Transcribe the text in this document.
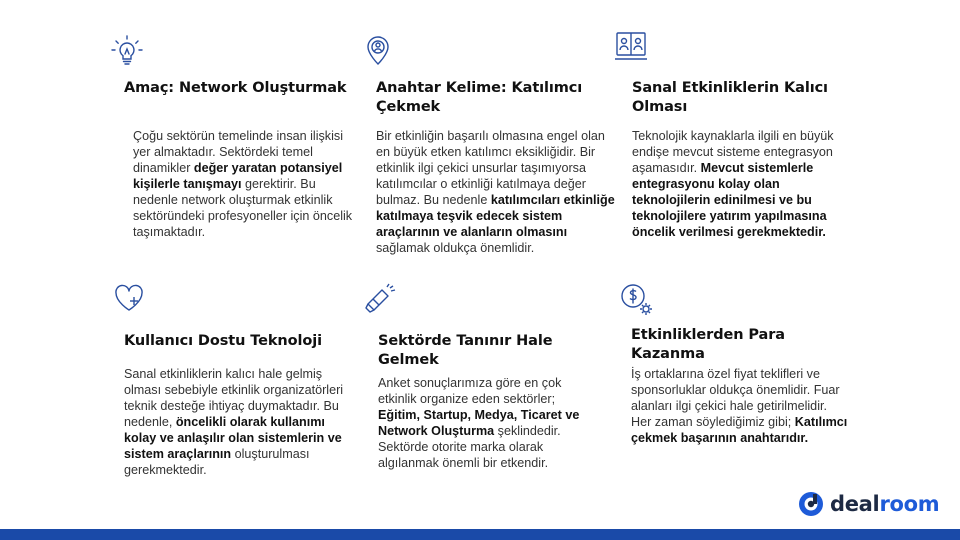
Amaç: Network Oluşturmak
Çoğu sektörün temelinde insan ilişkisi yer almaktadır. Sektördeki temel dinamikler değer yaratan potansiyel kişilerle tanışmayı gerektirir. Bu nedenle network oluşturmak etkinlik sektöründeki profesyoneller için öncelik taşımaktadır.
Anahtar Kelime: Katılımcı Çekmek
Bir etkinliğin başarılı olmasına engel olan en büyük etken katılımcı eksikliğidir. Bir etkinlik ilgi çekici unsurlar taşımıyorsa katılımcılar o etkinliği katılmaya değer bulmaz. Bu nedenle katılımcıları etkinliğe katılmaya teşvik edecek sistem araçlarının ve alanların olmasını sağlamak oldukça önemlidir.
Sanal Etkinliklerin Kalıcı Olması
Teknolojik kaynaklarla ilgili en büyük endişe mevcut sisteme entegrasyon aşamasıdır. Mevcut sistemlerle entegrasyonu kolay olan teknolojilerin edinilmesi ve bu teknolojilere yatırım yapılmasına öncelik verilmesi gerekmektedir.
Kullanıcı Dostu Teknoloji
Sanal etkinliklerin kalıcı hale gelmiş olması sebebiyle etkinlik organizatörleri teknik desteğe ihtiyaç duymaktadır. Bu nedenle, öncelikli olarak kullanımı kolay ve anlaşılır olan sistemlerin ve sistem araçlarının oluşturulması gerekmektedir.
Sektörde Tanınır Hale Gelmek
Anket sonuçlarımıza göre en çok etkinlik organize eden sektörler; Eğitim, Startup, Medya, Ticaret ve Network Oluşturma şeklindedir. Sektörde otorite marka olarak algılanmak önemli bir etkendir.
Etkinliklerden Para Kazanma
İş ortaklarına özel fiyat teklifleri ve sponsorluklar oldukça önemlidir. Fuar alanları ilgi çekici hale getirilmelidir. Her zaman söylediğimiz gibi; Katılımcı çekmek başarının anahtarıdır.
dealroom
